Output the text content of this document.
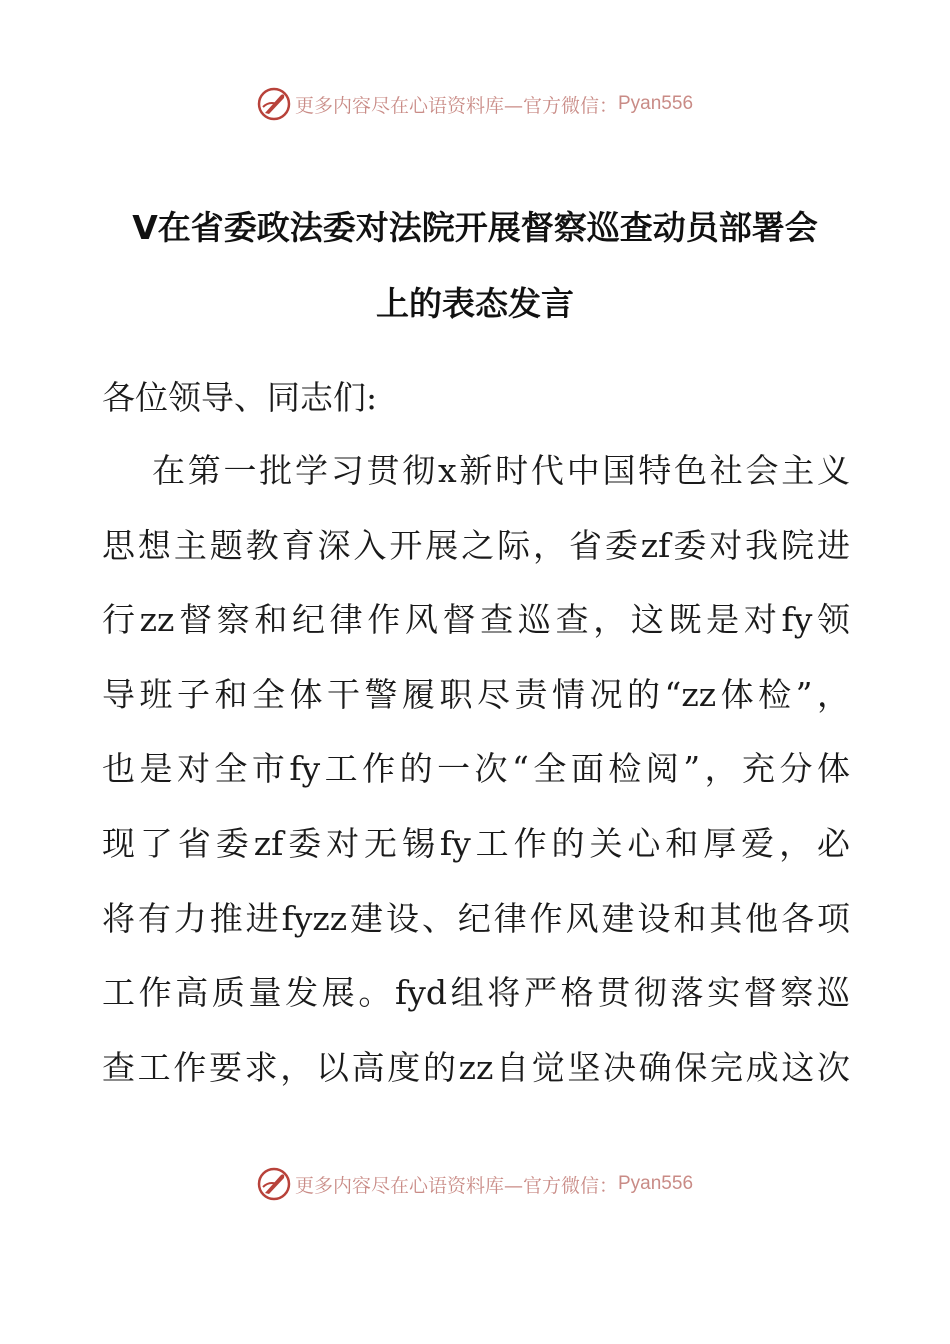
更多内容尽在心语资料库—官方微信： Pyan556
V在省委政法委对法院开展督察巡查动员部署会
上的表态发言
各位领导、同志们:
在第一批学习贯彻x新时代中国特色社会主义
思想主题教育深入开展之际，省委zf委对我院进
行zz督察和纪律作风督查巡查，这既是对fy领
导班子和全体干警履职尽责情况的“zz体检”，
也是对全市fy工作的一次“全面检阅”，充分体
现了省委zf委对无锡fy工作的关心和厚爱，必
将有力推进fyzz建设、纪律作风建设和其他各项
工作高质量发展。fyd组将严格贯彻落实督察巡
查工作要求，以高度的zz自觉坚决确保完成这次
更多内容尽在心语资料库—官方微信： Pyan556
